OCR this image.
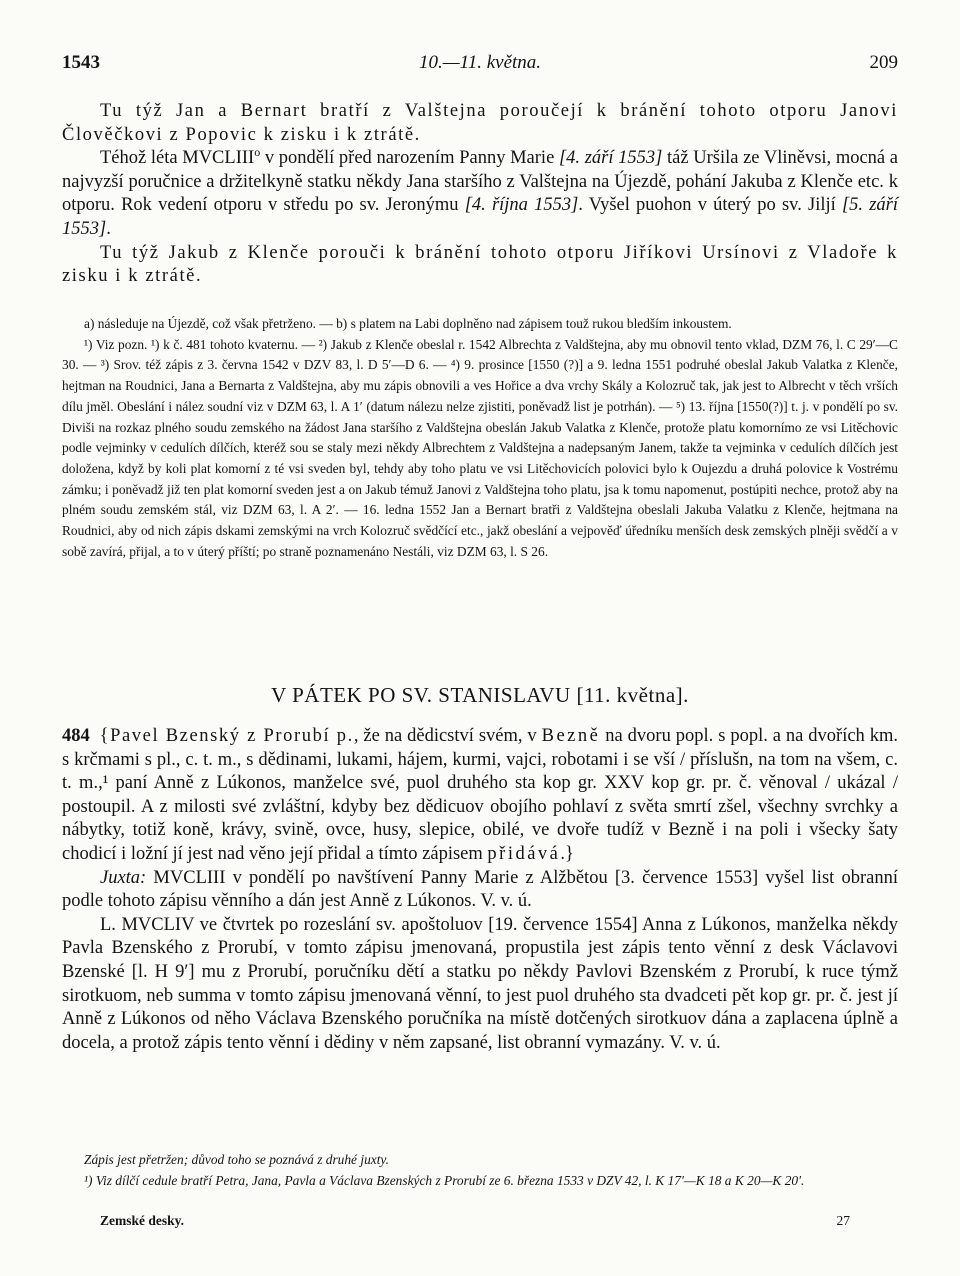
1543	10.—11. května.	209

Tu týž Jan a Bernart bratří z Valštejna poroučejí k bránění tohoto otporu Janovi Člověčkovi z Popovic k zisku i k ztrátě.

Téhož léta MVCLIII$^o$ v pondělí před narozením Panny Marie [4. září 1553] táž Uršila ze Vliněvsi, mocná a najvyzší poručnice a držitelkyně statku někdy Jana staršího z Valštejna na Újezdě, pohání Jakuba z Klenče etc. k otporu. Rok vedení otporu v středu po sv. Jeronýmu [4. října 1553]. Vyšel puohon v úterý po sv. Jiljí [5. září 1553].

Tu týž Jakub z Klenče porouči k bránění tohoto otporu Jiříkovi Ursínovi z Vladoře k zisku i k ztrátě.

a) následuje na Újezdě, což však přetrženo. — b) s platem na Labi doplněno nad zápisem touž rukou bledším inkoustem.

¹) Viz pozn. ¹) k č. 481 tohoto kvaternu. — ²) Jakub z Klenče obeslal r. 1542 Albrechta z Valdštejna, aby mu obnovil tento vklad, DZM 76, l. C 29′—C 30. — ³) Srov. též zápis z 3. června 1542 v DZV 83, l. D 5′—D 6. — ⁴) 9. prosince [1550 (?)] a 9. ledna 1551 podruhé obeslal Jakub Valatka z Klenče, hejtman na Roudnici, Jana a Bernarta z Valdštejna, aby mu zápis obnovili a ves Hořice a dva vrchy Skály a Kolozruč tak, jak jest to Albrecht v těch vrších dílu jměl. Obeslání i nález soudní viz v DZM 63, l. A 1′ (datum nálezu nelze zjistiti, poněvadž list je potrhán). — ⁵) 13. října [1550(?)] t. j. v pondělí po sv. Diviši na rozkaz plného soudu zemského na žádost Jana staršího z Valdštejna obeslán Jakub Valatka z Klenče, protože platu komornímo ze vsi Litěchovic podle vejminky v cedulích dílčích, kteréž sou se staly mezi někdy Albrechtem z Valdštejna a nadepsaným Janem, takže ta vejminka v cedulích dílčích jest doložena, když by koli plat komorní z té vsi sveden byl, tehdy aby toho platu ve vsi Litěchovicích polovici bylo k Oujezdu a druhá polovice k Vostrému zámku; i poněvadž již ten plat komorní sveden jest a on Jakub témuž Janovi z Valdštejna toho platu, jsa k tomu napomenut, postúpiti nechce, protož aby na plném soudu zemském stál, viz DZM 63, l. A 2′. — 16. ledna 1552 Jan a Bernart bratři z Valdštejna obeslali Jakuba Valatku z Klenče, hejtmana na Roudnici, aby od nich zápis dskami zemskými na vrch Kolozruč svědčící etc., jakž obeslání a vejpověď úředníku menších desk zemských plněji svědčí a v sobě zavírá, přijal, a to v úterý příští; po straně poznamenáno Nestáli, viz DZM 63, l. S 26.

V PÁTEK PO SV. STANISLAVU [11. května].

484 {Pavel Bzenský z Prorubí p., že na dědicství svém, v Bezně na dvoru popl. s popl. a na dvořích km. s krčmami s pl., c. t. m., s dědinami, lukami, hájem, kurmi, vajci, robotami i se vší / příslušn, na tom na všem, c. t. m.,¹ paní Anně z Lúkonos, manželce své, puol druhého sta kop gr. XXV kop gr. pr. č. věnoval / ukázal / postoupil. A z milosti své zvláštní, kdyby bez dědicuov obojího pohlaví z světa smrtí zšel, všechny svrchky a nábytky, totiž koně, krávy, svině, ovce, husy, slepice, obilé, ve dvoře tudíž v Bezně i na poli i všecky šaty chodicí i ložní jí jest nad věno její přidal a tímto zápisem přidává.}

Juxta: MVCLIII v pondělí po navštívení Panny Marie z Alžbětou [3. července 1553] vyšel list obranní podle tohoto zápisu věnního a dán jest Anně z Lúkonos. V. v. ú.

L. MVCLIV ve čtvrtek po rozeslání sv. apoštoluov [19. července 1554] Anna z Lúkonos, manželka někdy Pavla Bzenského z Prorubí, v tomto zápisu jmenovaná, propustila jest zápis tento věnní z desk Václavovi Bzenské [l. H 9′] mu z Prorubí, poručníku dětí a statku po někdy Pavlovi Bzenském z Prorubí, k ruce týmž sirotkuom, neb summa v tomto zápisu jmenovaná věnní, to jest puol druhého sta dvadceti pět kop gr. pr. č. jest jí Anně z Lúkonos od něho Václava Bzenského poručníka na místě dotčených sirotkuov dána a zaplacena úplně a docela, a protož zápis tento věnní i dědiny v něm zapsané, list obranní vymazány. V. v. ú.

Zápis jest přetržen; důvod toho se poznává z druhé juxty.

¹) Viz dílčí cedule bratří Petra, Jana, Pavla a Václava Bzenských z Prorubí ze 6. března 1533 v DZV 42, l. K 17′—K 18 a K 20—K 20′.

Zemské desky.	27
